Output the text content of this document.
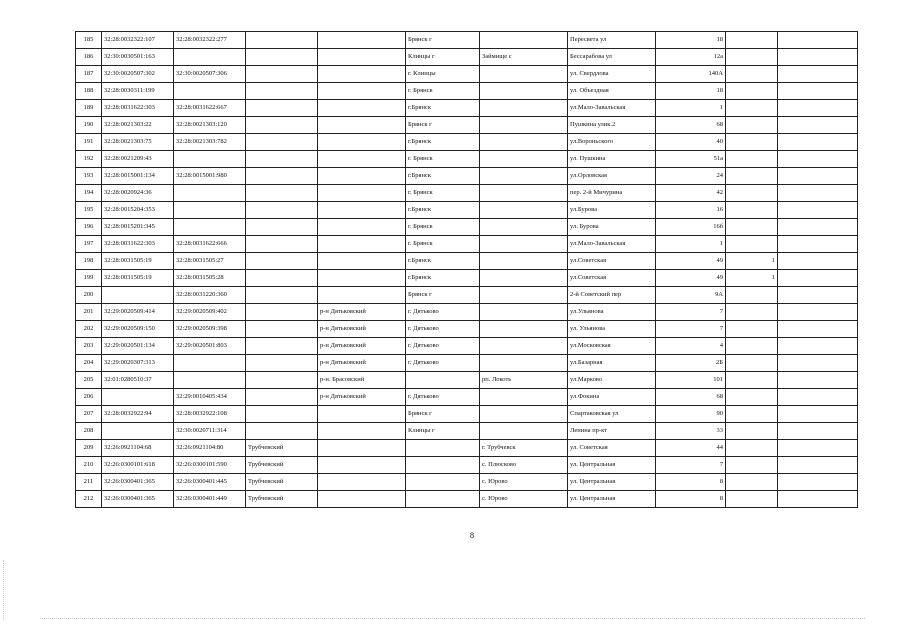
185	32:28:0032322:107	32:28:0032322:277			Брянск г		Пересвета ул	18		
186	32:30:0030501:163				Клинцы г	Займище с	Бессарабова ул	12а		
187	32:30:0020507:302	32:30:0020507:306			г. Клинцы		ул. Свердлова	140А		
188	32:28:0030311:199				г. Брянск		ул. Объездная	18		
189	32:28:0031622:303	32:28:0031622:667			г.Брянск		ул.Мало-Завальская	1		
190	32:28:0021303:22	32:28:0021303:120			Брянск г		Пушкина улик.2	68		
191	32:28:0021303:75	32:28:0021303:782			г.Брянск		ул.Вороньского	40		
192	32:28:0021209:43				г. Брянск		ул. Пушкина	51а		
193	32:28:0015001:134	32:28:0015001:980			г.Брянск		ул.Орловская	24		
194	32:28:0020924:36				г. Брянск		пер. 2-й Мичурина	42		
195	32:28:0015204:353				г.Брянск		ул.Бурова	16		
196	32:28:0015201:345				г. Брянск		ул. Бурова	16б		
197	32:28:0031622:303	32:28:0031622:666			г. Брянск		ул.Мало-Завальская	1		
198	32:28:0031505:19	32:28:0031505:27			г.Брянск		ул.Советская	49	1	
199	32:28:0031505:19	32:28:0031505:28			г.Брянск		ул.Советская	49	1	
200		32:28:0031220:360			Брянск г		2-й Советский пер	9А		
201	32:29:0020509:414	32:29:0020509:402		р-н Дятьковский	г. Дятьково		ул.Ульянова	7		
202	32:29:0020509:150	32:29:0020509:398		р-н Дятьковский	г. Дятьково		ул. Ульянова	7		
203	32:29:0020501:134	32:29:0020501:803		р-н Дятьковский	г. Дятьково		ул.Московская	4		
204	32:29:0020307:313			р-н Дятьковский	г. Дятьково		ул.Базарная	2Б		
205	32:01:0280510:37			р-н. Брасовский		рп. Локоть	ул.Марково	101		
206		32:29:0010405:434		р-н Дятьковский	г. Дятьково		ул.Фокина	68		
207	32:28:0032922:94	32:28:0032922:108			Брянск г		Спартаковская ул	90		
208		32:30:0020711:314			Клинцы г		Ленина пр-кт	33		
209	32:26:0921104:68	32:26:0921104:80	Трубчевский			г. Трубчевск	ул. Советская	44		
210	32:26:0300101:618	32:26:0300101:590	Трубчевский			с. Плюсково	ул. Центральная	7		
211	32:26:0300401:365	32:26:0300401:445	Трубчевский			с. Юрово	ул. Центральная	8		
212	32:26:0300401:365	32:26:0300401:449	Трубчевский			с. Юрово	ул. Центральная	8		
8
